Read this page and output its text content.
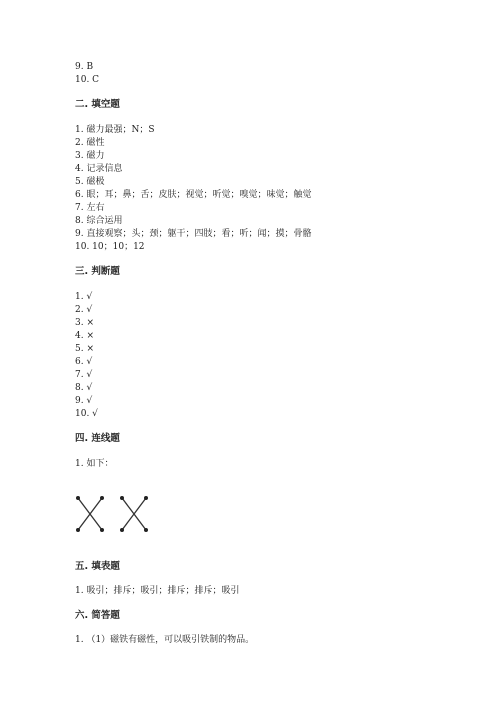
9. B
10. C
二. 填空题
1. 磁力最强；N；S
2. 磁性
3. 磁力
4. 记录信息
5. 磁极
6. 眼；耳；鼻；舌；皮肤；视觉；听觉；嗅觉；味觉；触觉
7. 左右
8. 综合运用
9. 直接观察；头；颈；躯干；四肢；看；听；闻；摸；骨骼
10. 10；10；12
三. 判断题
1. √
2. √
3. ×
4. ×
5. ×
6. √
7. √
8. √
9. √
10. √
四. 连线题
1. 如下：
五. 填表题
1. 吸引；排斥；吸引；排斥；排斥；吸引
六. 简答题
1. （1）磁铁有磁性，可以吸引铁制的物品。
